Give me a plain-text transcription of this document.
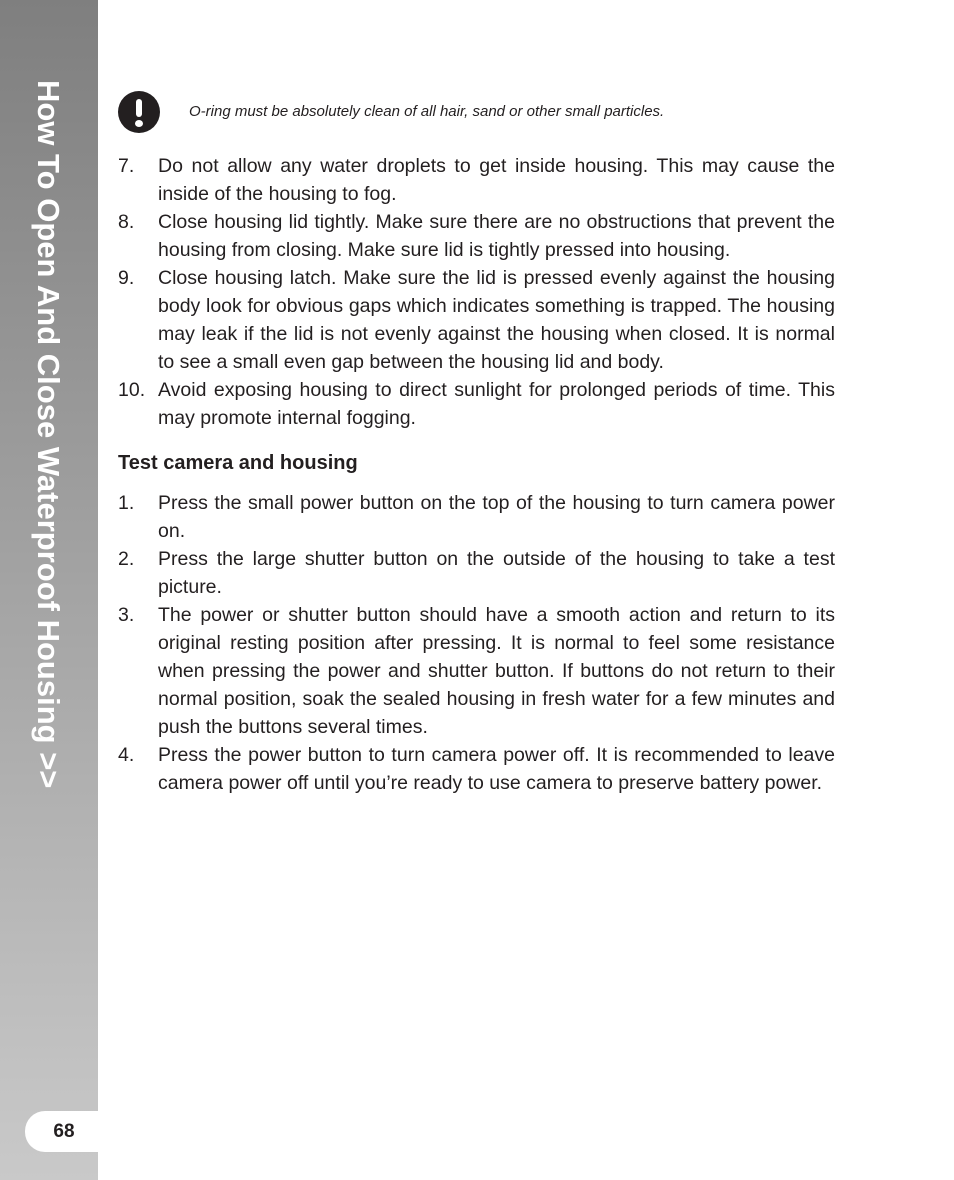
How To Open And Close Waterproof Housing >>
68
O-ring must be absolutely clean of all hair, sand or other small particles.
7. Do not allow any water droplets to get inside housing. This may cause the inside of the housing to fog.
8. Close housing lid tightly. Make sure there are no obstructions that prevent the housing from closing. Make sure lid is tightly pressed into housing.
9. Close housing latch. Make sure the lid is pressed evenly against the housing body look for obvious gaps which indicates something is trapped. The housing may leak if the lid is not evenly against the housing when closed. It is normal to see a small even gap between the housing lid and body.
10. Avoid exposing housing to direct sunlight for prolonged periods of time. This may promote internal fogging.
Test camera and housing
1. Press the small power button on the top of the housing to turn camera power on.
2. Press the large shutter button on the outside of the housing to take a test picture.
3. The power or shutter button should have a smooth action and return to its original resting position after pressing. It is normal to feel some resistance when pressing the power and shutter button. If buttons do not return to their normal position, soak the sealed housing in fresh water for a few minutes and push the buttons several times.
4. Press the power button to turn camera power off. It is recommended to leave camera power off until you’re ready to use camera to preserve battery power.
